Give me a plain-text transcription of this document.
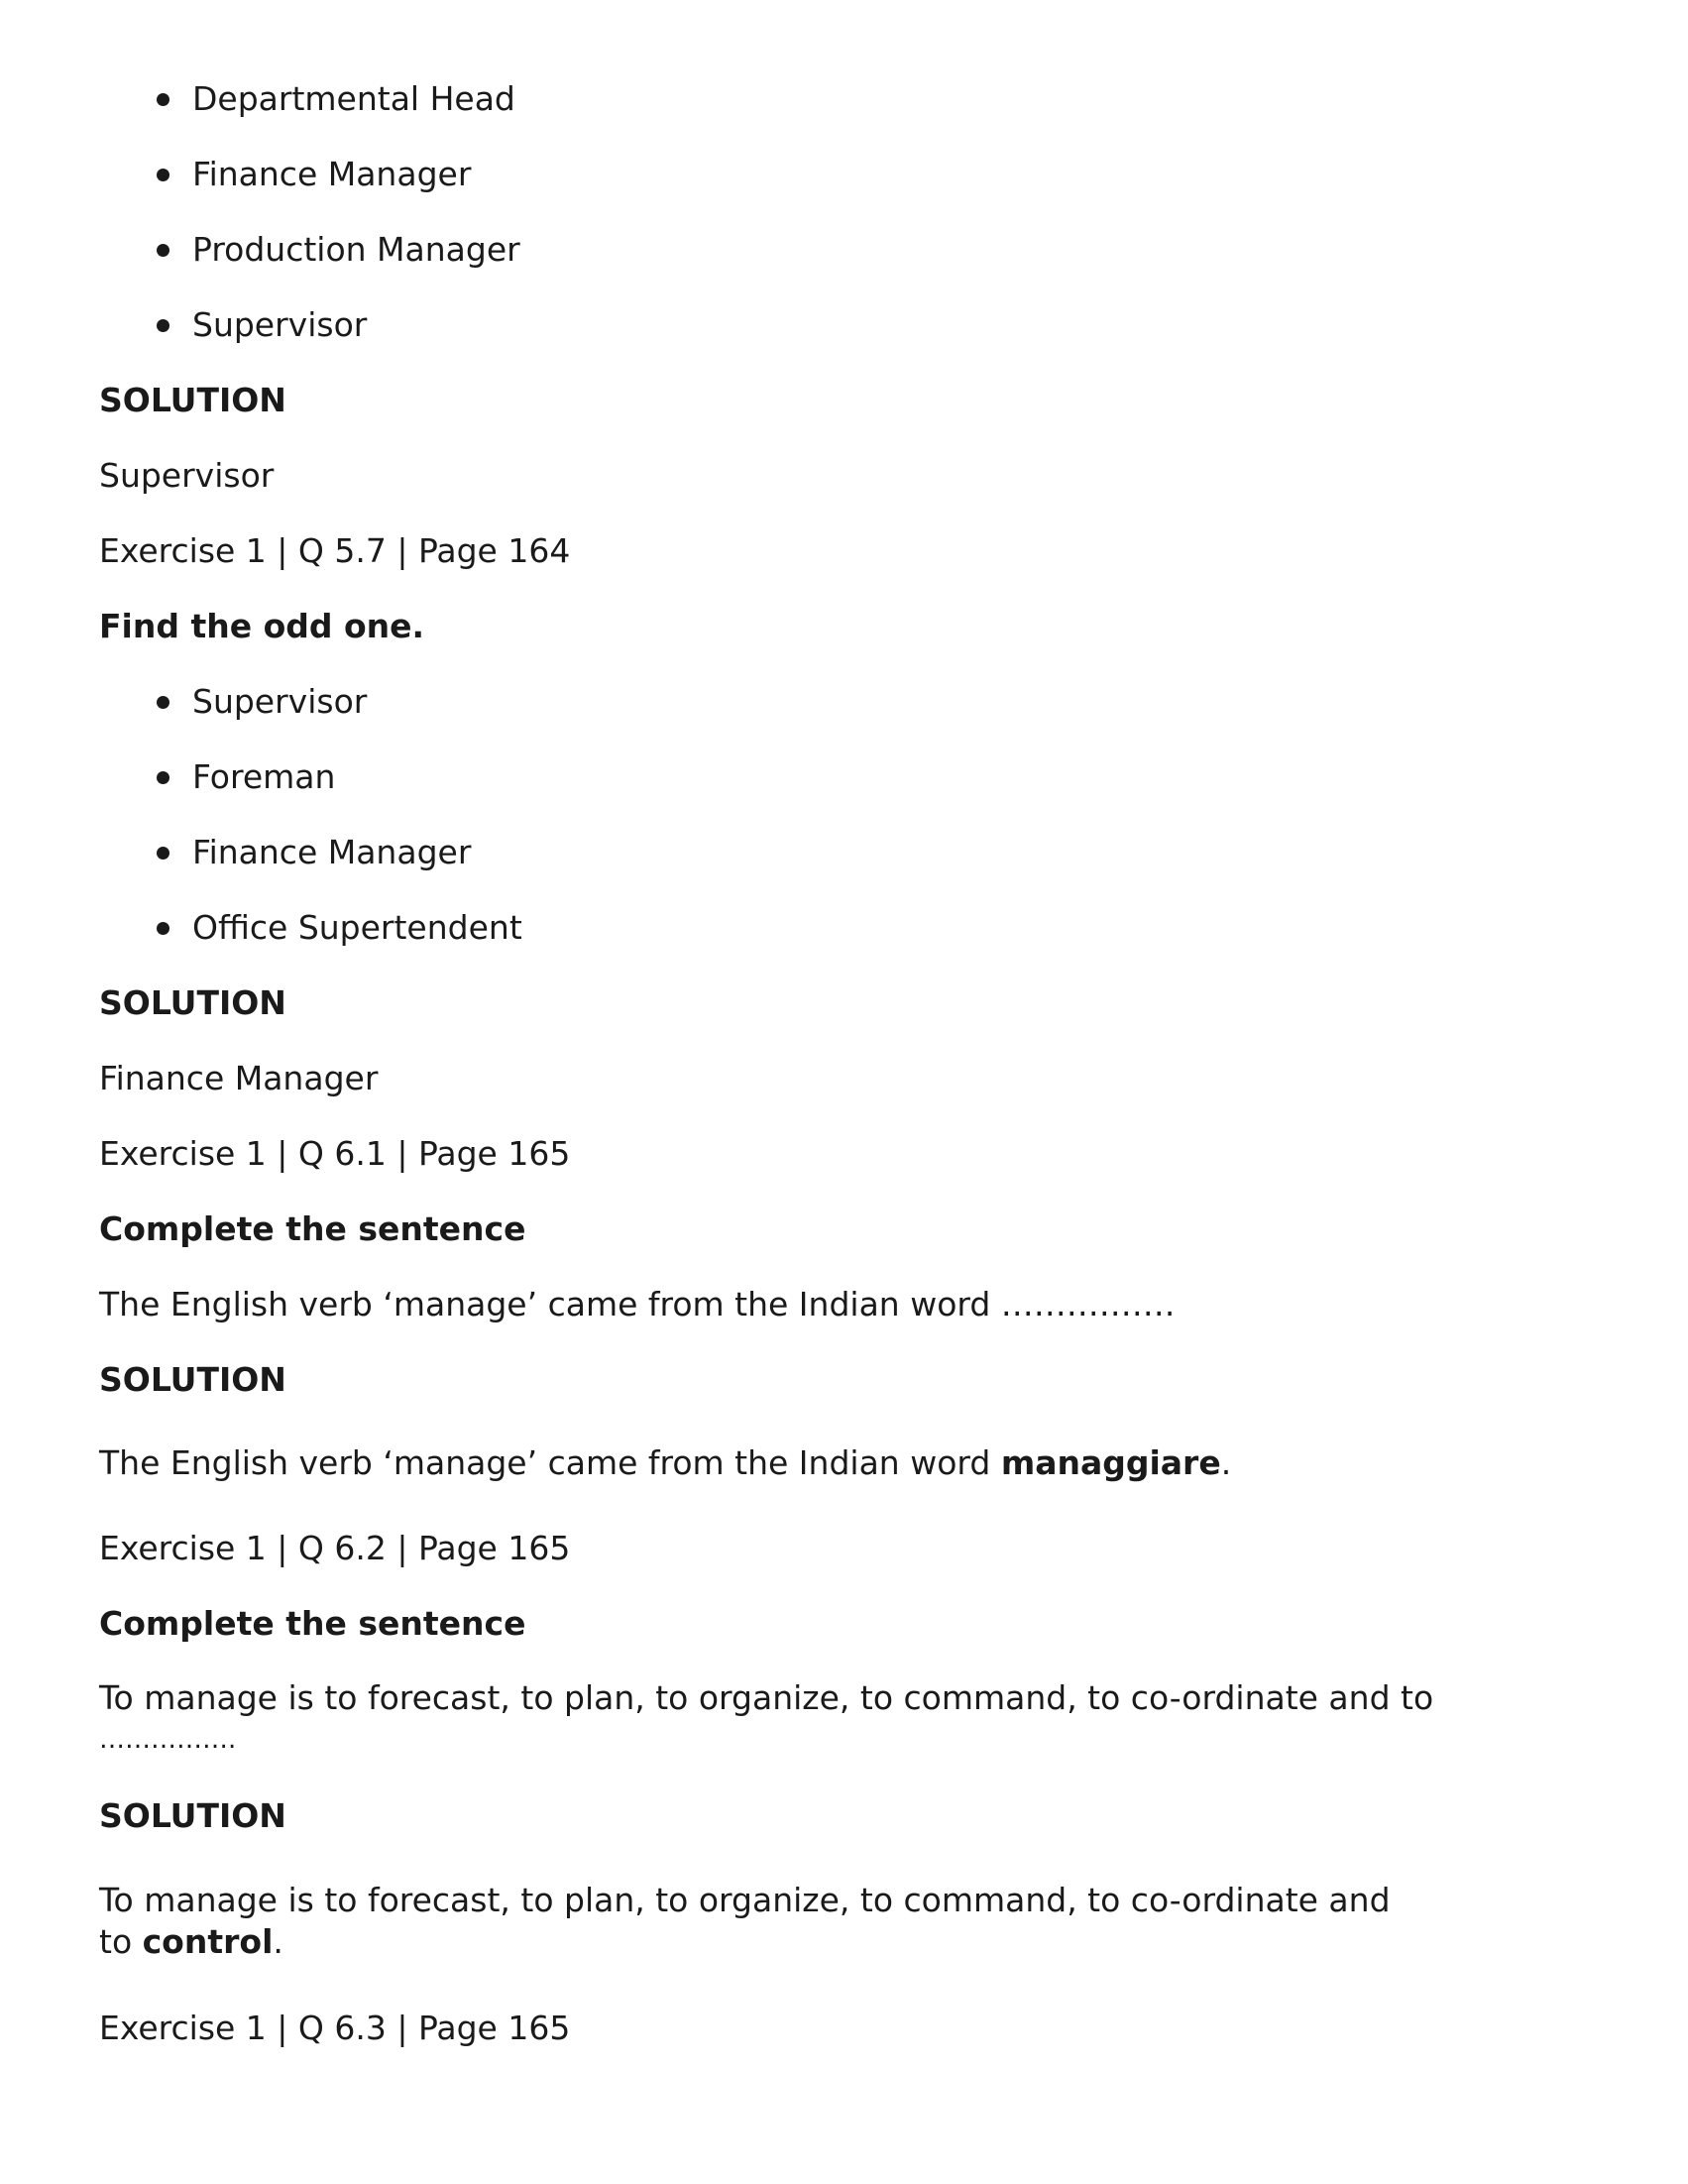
Departmental Head
Finance Manager
Production Manager
Supervisor

SOLUTION

Supervisor

Exercise 1 | Q 5.7 | Page 164

Find the odd one.

Supervisor
Foreman
Finance Manager
Office Supertendent

SOLUTION

Finance Manager

Exercise 1 | Q 6.1 | Page 165

Complete the sentence

The English verb ‘manage’ came from the Indian word …………….

SOLUTION

The English verb ‘manage’ came from the Indian word managgiare.

Exercise 1 | Q 6.2 | Page 165

Complete the sentence

To manage is to forecast, to plan, to organize, to command, to co-ordinate and to

…………….

SOLUTION

To manage is to forecast, to plan, to organize, to command, to co-ordinate and

to control.

Exercise 1 | Q 6.3 | Page 165
